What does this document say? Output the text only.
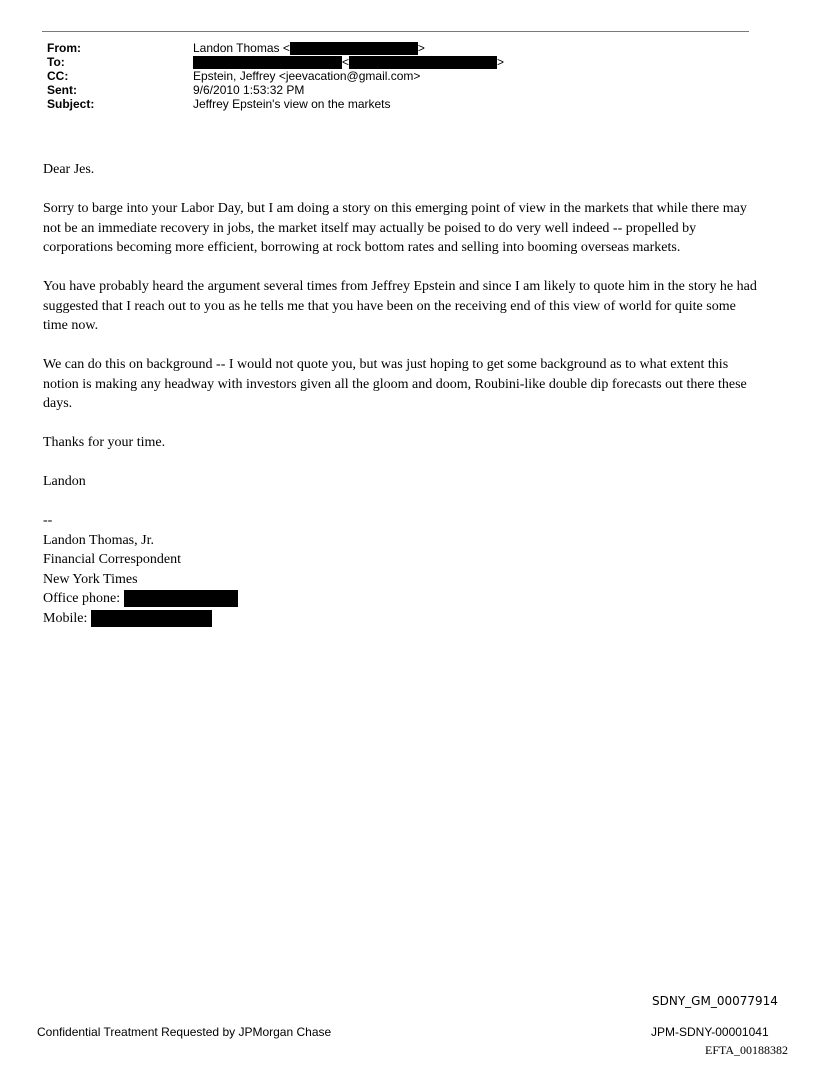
From:	Landon Thomas <	>
To:	<	>
CC:	Epstein, Jeffrey <jeevacation@gmail.com>
Sent:	9/6/2010 1:53:32 PM
Subject:	Jeffrey Epstein's view on the markets

Dear Jes.

Sorry to barge into your Labor Day, but I am doing a story on this emerging point of view in the markets that while there may not be an immediate recovery in jobs, the market itself may actually be poised to do very well indeed -- propelled by corporations becoming more efficient, borrowing at rock bottom rates and selling into booming overseas markets.

You have probably heard the argument several times from Jeffrey Epstein and since I am likely to quote him in the story he had suggested that I reach out to you as he tells me that you have been on the receiving end of this view of world for quite some time now.

We can do this on background -- I would not quote you, but was just hoping to get some background as to what extent this notion is making any headway with investors given all the gloom and doom, Roubini-like double dip forecasts out there these days.

Thanks for your time.

Landon

--
Landon Thomas, Jr.
Financial Correspondent
New York Times
Office phone:
Mobile:
SDNY_GM_00077914
Confidential Treatment Requested by JPMorgan Chase	JPM-SDNY-00001041
EFTA_00188382
